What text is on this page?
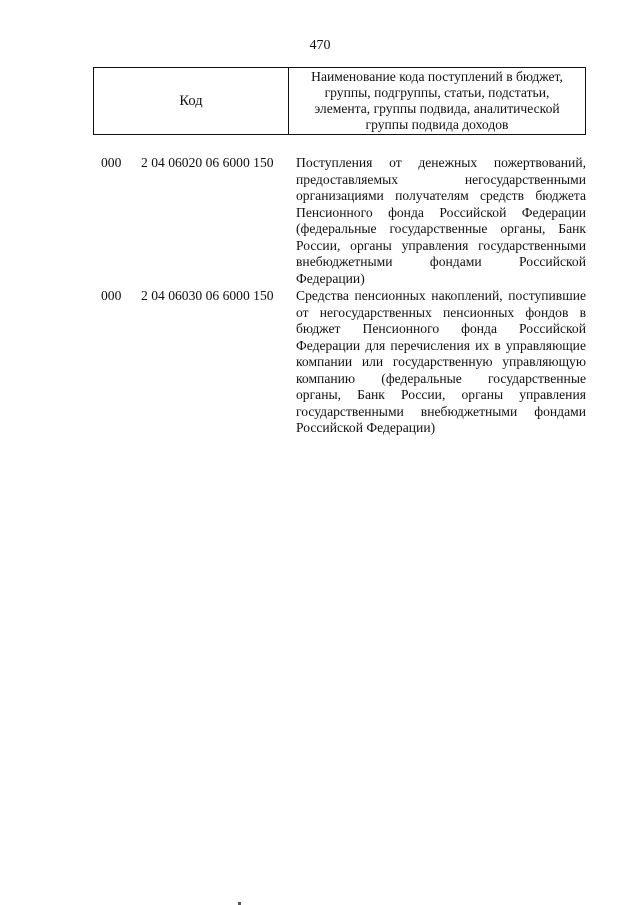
470
Код
Наименование кода поступлений в бюджет, группы, подгруппы, статьи, подстатьи, элемента, группы подвида, аналитической группы подвида доходов
000 2 04 06020 06 6000 150 Поступления от денежных пожертвований, предоставляемых негосударственными организациями получателям средств бюджета Пенсионного фонда Российской Федерации (федеральные государственные органы, Банк России, органы управления государственными внебюджетными фондами Российской Федерации)
000 2 04 06030 06 6000 150 Средства пенсионных накоплений, поступившие от негосударственных пенсионных фондов в бюджет Пенсионного фонда Российской Федерации для перечисления их в управляющие компании или государственную управляющую компанию (федеральные государственные органы, Банк России, органы управления государственными внебюджетными фондами Российской Федерации)
